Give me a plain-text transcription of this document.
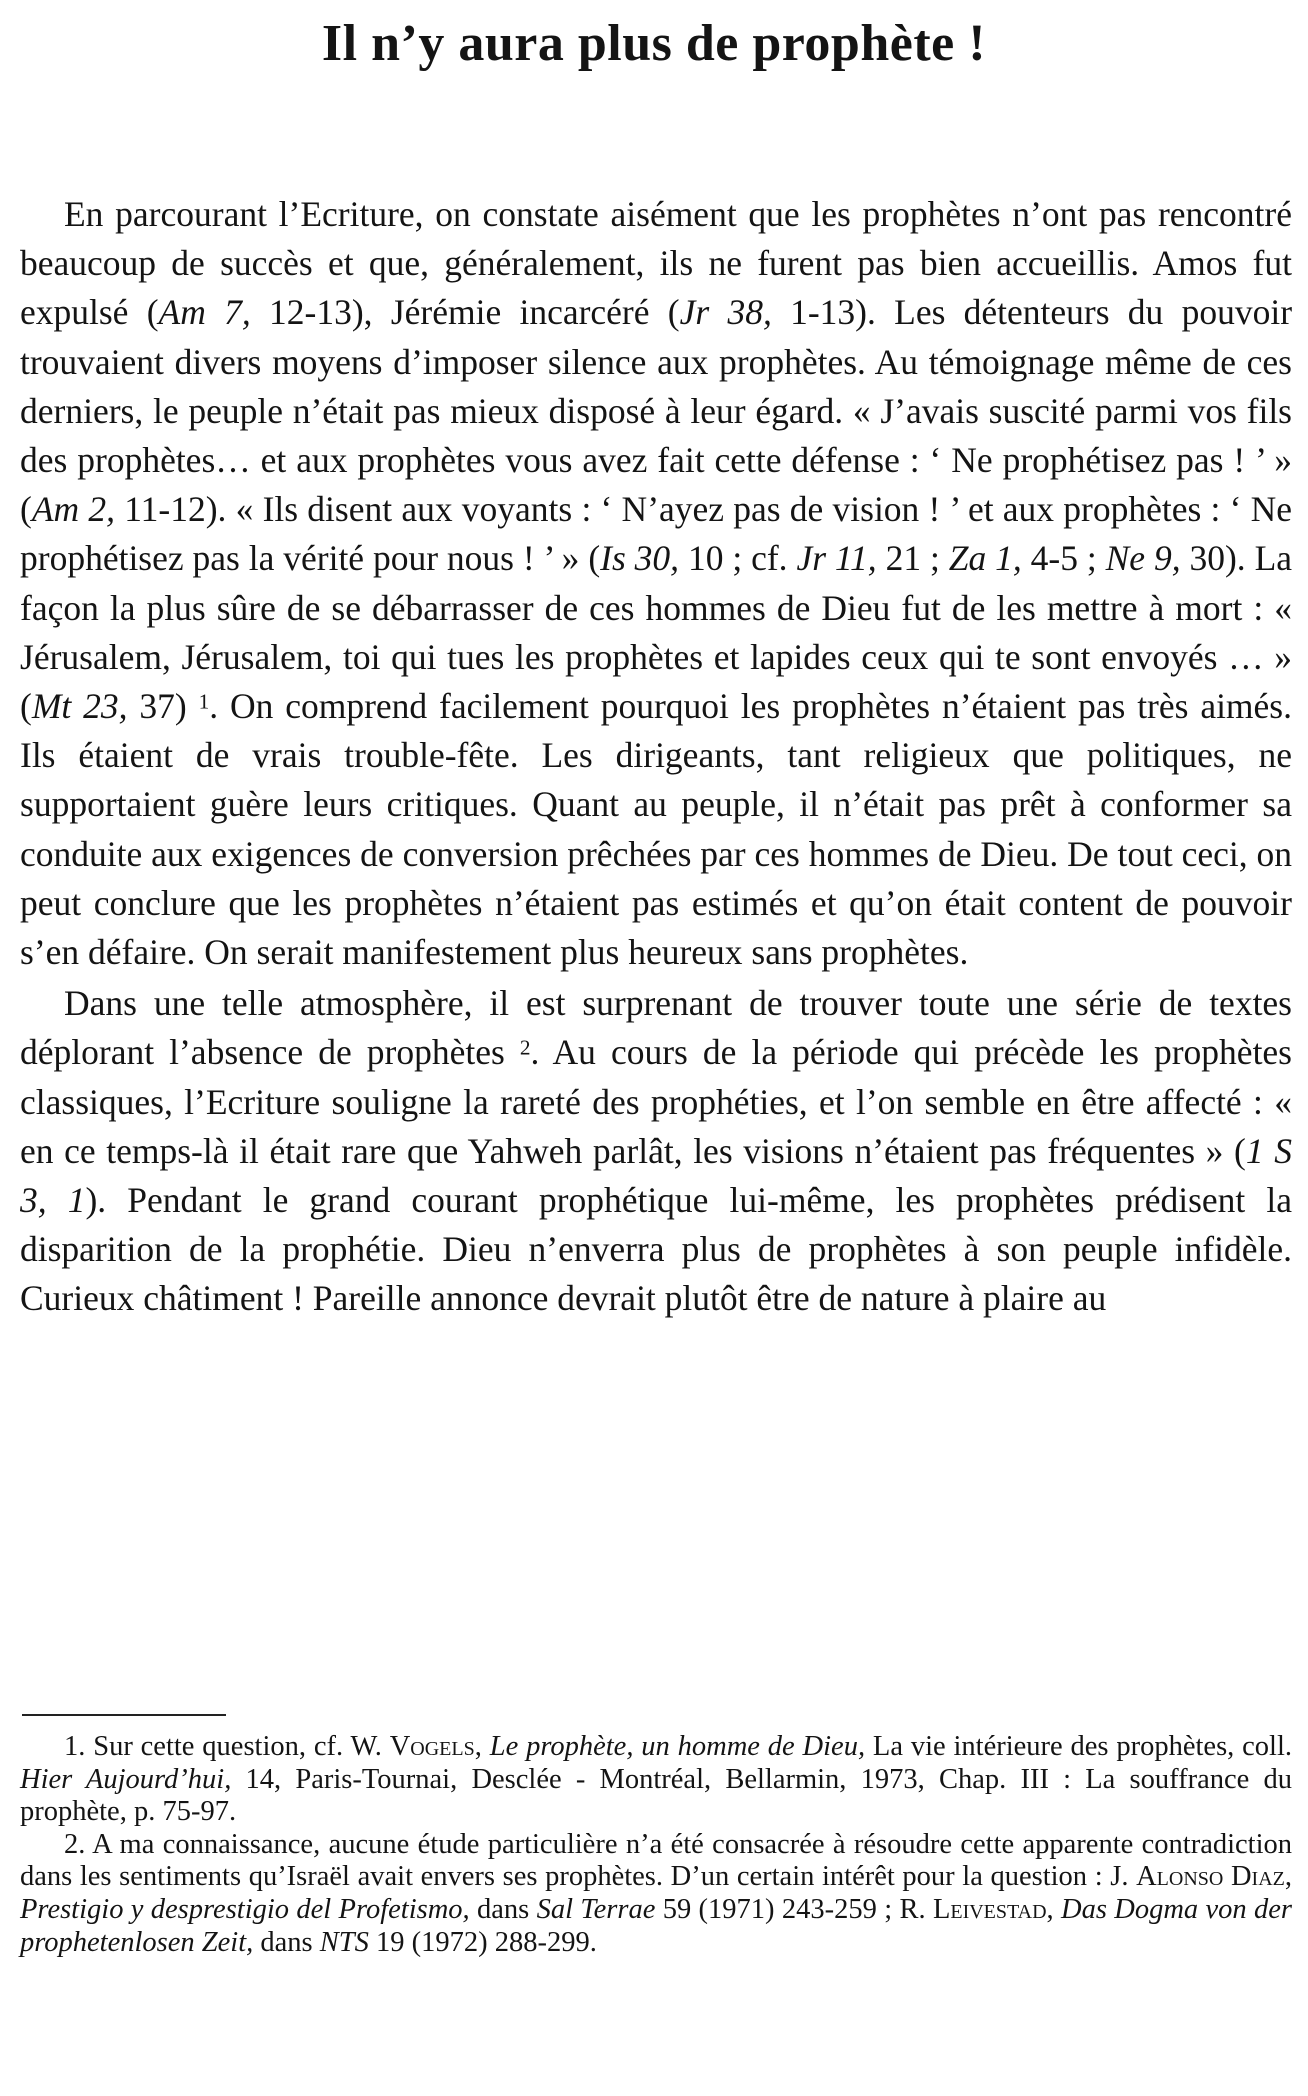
Il n’y aura plus de prophète !

En parcourant l’Ecriture, on constate aisément que les prophètes n’ont pas rencontré beaucoup de succès et que, généralement, ils ne furent pas bien accueillis. Amos fut expulsé (Am 7, 12-13), Jérémie incarcéré (Jr 38, 1-13). Les détenteurs du pouvoir trouvaient divers moyens d’imposer silence aux prophètes. Au témoignage même de ces derniers, le peuple n’était pas mieux disposé à leur égard. « J’avais suscité parmi vos fils des prophètes… et aux prophètes vous avez fait cette défense : ‘ Ne prophétisez pas ! ’ » (Am 2, 11-12). « Ils disent aux voyants : ‘ N’ayez pas de vision ! ’ et aux prophètes : ‘ Ne prophétisez pas la vérité pour nous ! ’ » (Is 30, 10 ; cf. Jr 11, 21 ; Za 1, 4-5 ; Ne 9, 30). La façon la plus sûre de se débarrasser de ces hommes de Dieu fut de les mettre à mort : « Jérusalem, Jérusalem, toi qui tues les prophètes et lapides ceux qui te sont envoyés … » (Mt 23, 37) $^1$. On comprend facilement pourquoi les prophètes n’étaient pas très aimés. Ils étaient de vrais trouble-fête. Les dirigeants, tant religieux que politiques, ne supportaient guère leurs critiques. Quant au peuple, il n’était pas prêt à conformer sa conduite aux exigences de conversion prêchées par ces hommes de Dieu. De tout ceci, on peut conclure que les prophètes n’étaient pas estimés et qu’on était content de pouvoir s’en défaire. On serait manifestement plus heureux sans prophètes.

Dans une telle atmosphère, il est surprenant de trouver toute une série de textes déplorant l’absence de prophètes $^2$. Au cours de la période qui précède les prophètes classiques, l’Ecriture souligne la rareté des prophéties, et l’on semble en être affecté : « en ce temps-là il était rare que Yahweh parlât, les visions n’étaient pas fréquentes » (1 S 3, 1). Pendant le grand courant prophétique lui-même, les prophètes prédisent la disparition de la prophétie. Dieu n’enverra plus de prophètes à son peuple infidèle. Curieux châtiment ! Pareille annonce devrait plutôt être de nature à plaire au

1. Sur cette question, cf. W. Vogels, Le prophète, un homme de Dieu, La vie intérieure des prophètes, coll. Hier Aujourd’hui, 14, Paris-Tournai, Desclée - Montréal, Bellarmin, 1973, Chap. III : La souffrance du prophète, p. 75-97.

2. A ma connaissance, aucune étude particulière n’a été consacrée à résoudre cette apparente contradiction dans les sentiments qu’Israël avait envers ses prophètes. D’un certain intérêt pour la question : J. Alonso Diaz, Prestigio y desprestigio del Profetismo, dans Sal Terrae 59 (1971) 243-259 ; R. Leivestad, Das Dogma von der prophetenlosen Zeit, dans NTS 19 (1972) 288-299.
